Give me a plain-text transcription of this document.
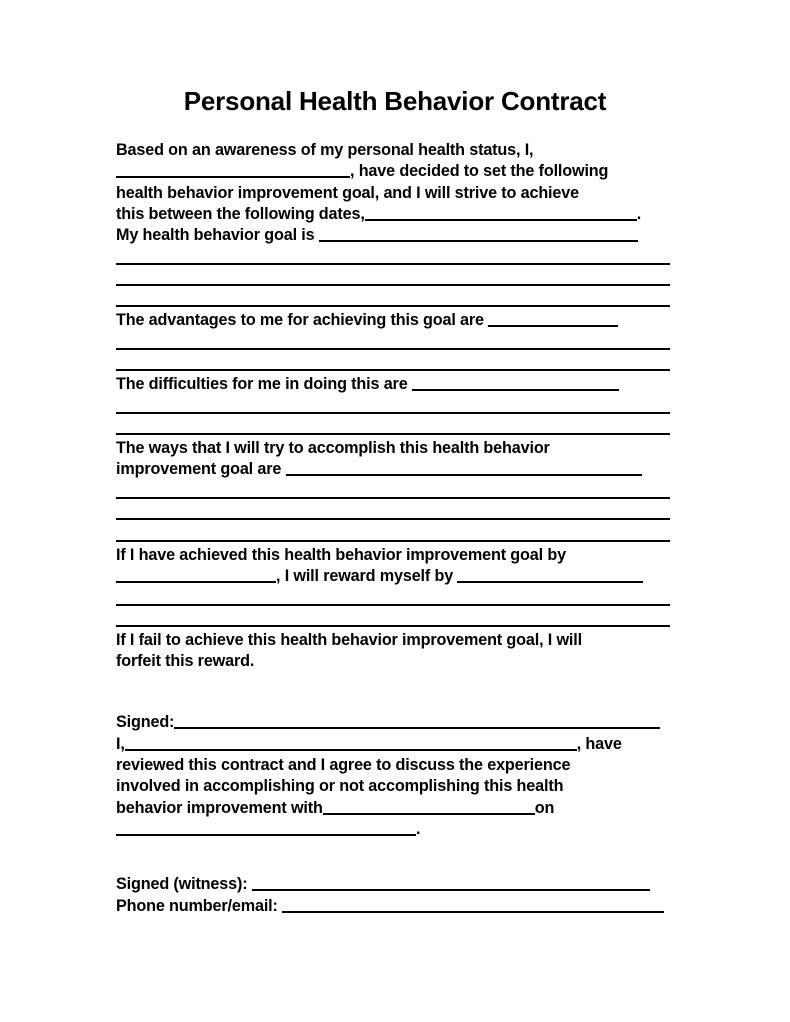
Personal Health Behavior Contract
Based on an awareness of my personal health status, I,
, have decided to set the following
health behavior improvement goal, and I will strive to achieve
this between the following dates,	.
My health behavior goal is
The advantages to me for achieving this goal are
The difficulties for me in doing this are
The ways that I will try to accomplish this health behavior
improvement goal are
If I have achieved this health behavior improvement goal by
, I will reward myself by
If I fail to achieve this health behavior improvement goal, I will
forfeit this reward.
Signed:
I,	, have
reviewed this contract and I agree to discuss the experience
involved in accomplishing or not accomplishing this health
behavior improvement with	on
.
Signed (witness):
Phone number/email:
